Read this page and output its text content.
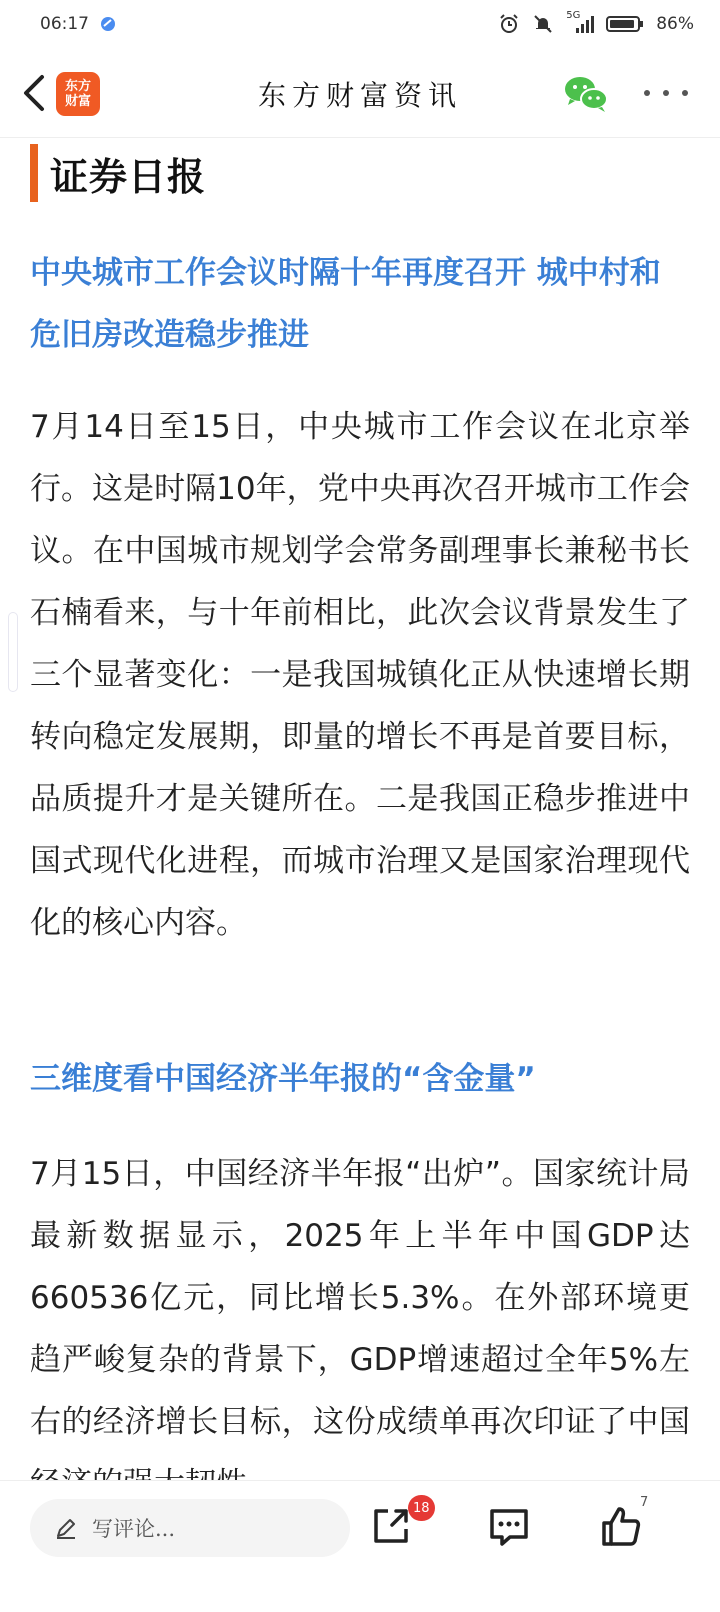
06:17	5G	86%
东方
财富	东方财富资讯
证券日报

中央城市工作会议时隔十年再度召开 城中村和危旧房改造稳步推进

7月14日至15日，中央城市工作会议在北京举行。这是时隔10年，党中央再次召开城市工作会议。在中国城市规划学会常务副理事长兼秘书长石楠看来，与十年前相比，此次会议背景发生了三个显著变化：一是我国城镇化正从快速增长期转向稳定发展期，即量的增长不再是首要目标，品质提升才是关键所在。二是我国正稳步推进中国式现代化进程，而城市治理又是国家治理现代化的核心内容。

三维度看中国经济半年报的“含金量”

7月15日，中国经济半年报“出炉”。国家统计局最新数据显示，2025年上半年中国GDP达660536亿元，同比增长5.3%。在外部环境更趋严峻复杂的背景下，GDP增速超过全年5%左右的经济增长目标，这份成绩单再次印证了中国

写评论...
18	7
